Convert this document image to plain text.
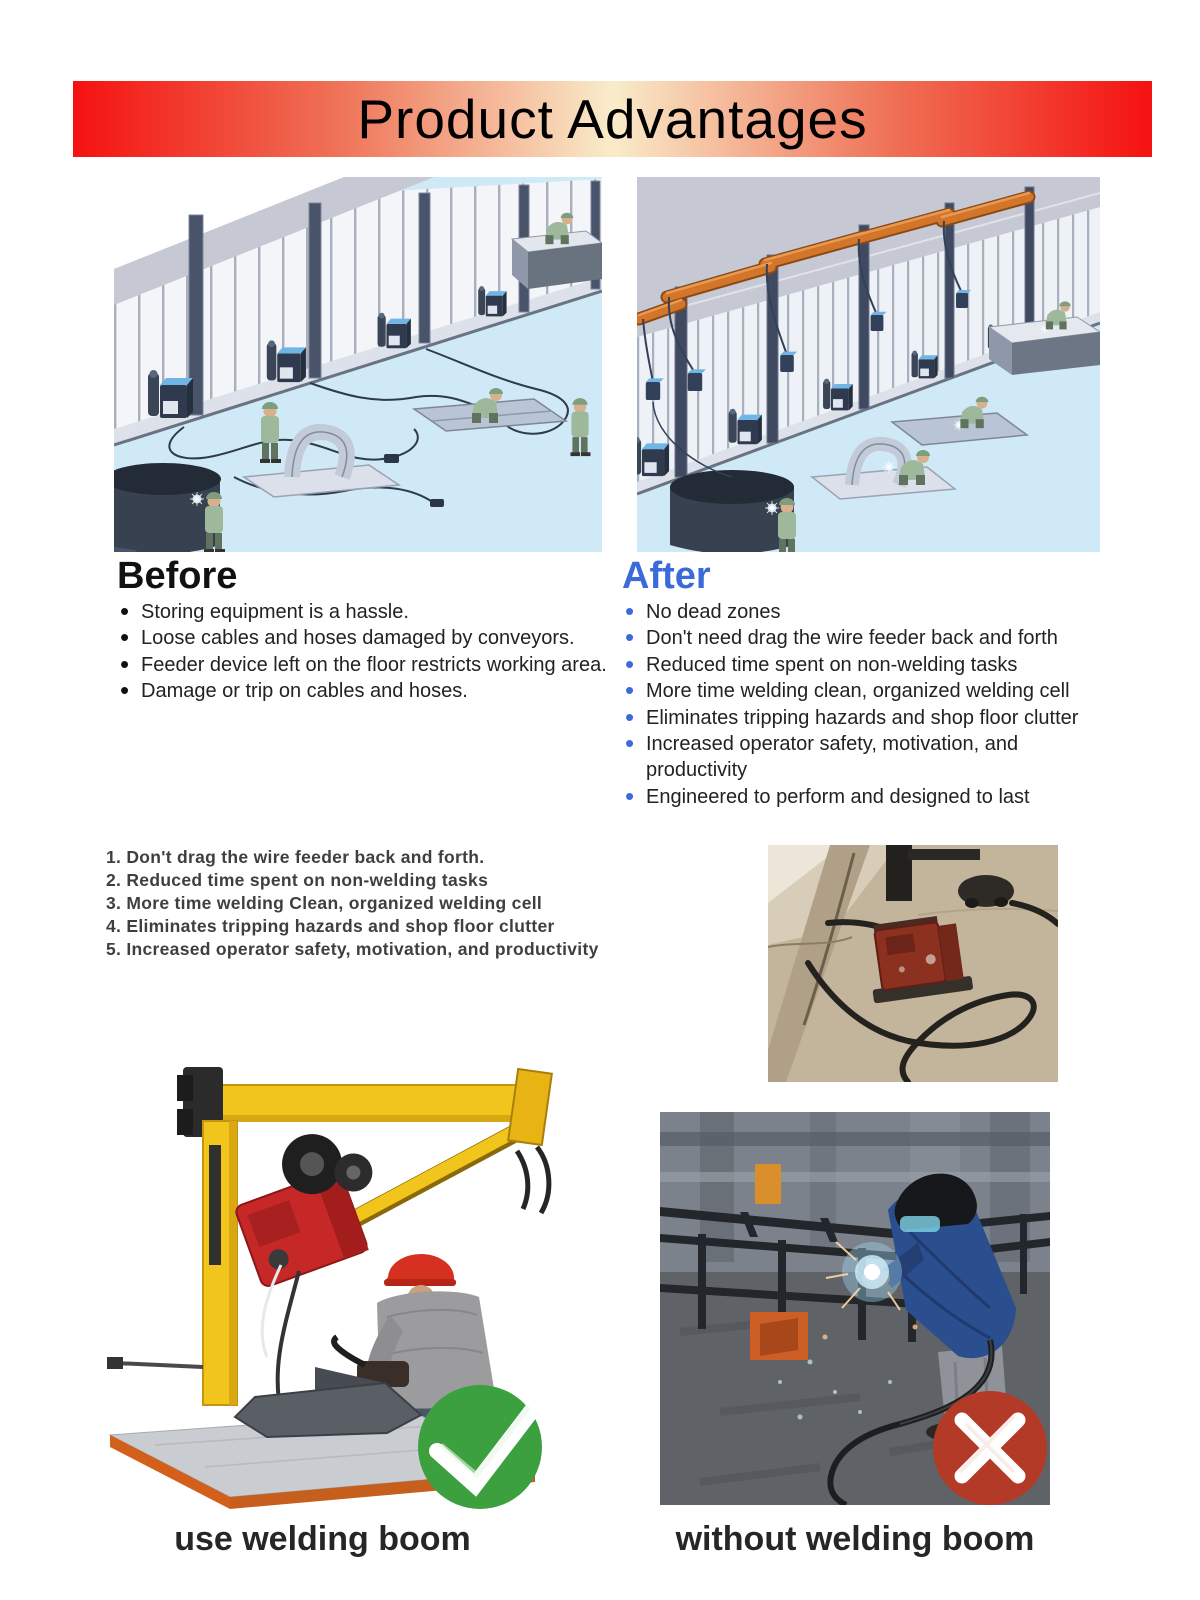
Product Advantages
Before
• Storing equipment is a hassle.
• Loose cables and hoses damaged by conveyors.
• Feeder device left on the floor restricts working area.
• Damage or trip on cables and hoses.
After
• No dead zones
• Don't need drag the wire feeder back and forth
• Reduced time spent on non-welding tasks
• More time welding clean, organized welding cell
• Eliminates tripping hazards and shop floor clutter
• Increased operator safety, motivation, and productivity
• Engineered to perform and designed to last
1. Don't drag the wire feeder back and forth.
2. Reduced time spent on non-welding tasks
3. More time welding Clean, organized welding cell
4. Eliminates tripping hazards and shop floor clutter
5. Increased operator safety, motivation, and productivity
use welding boom	without welding boom
